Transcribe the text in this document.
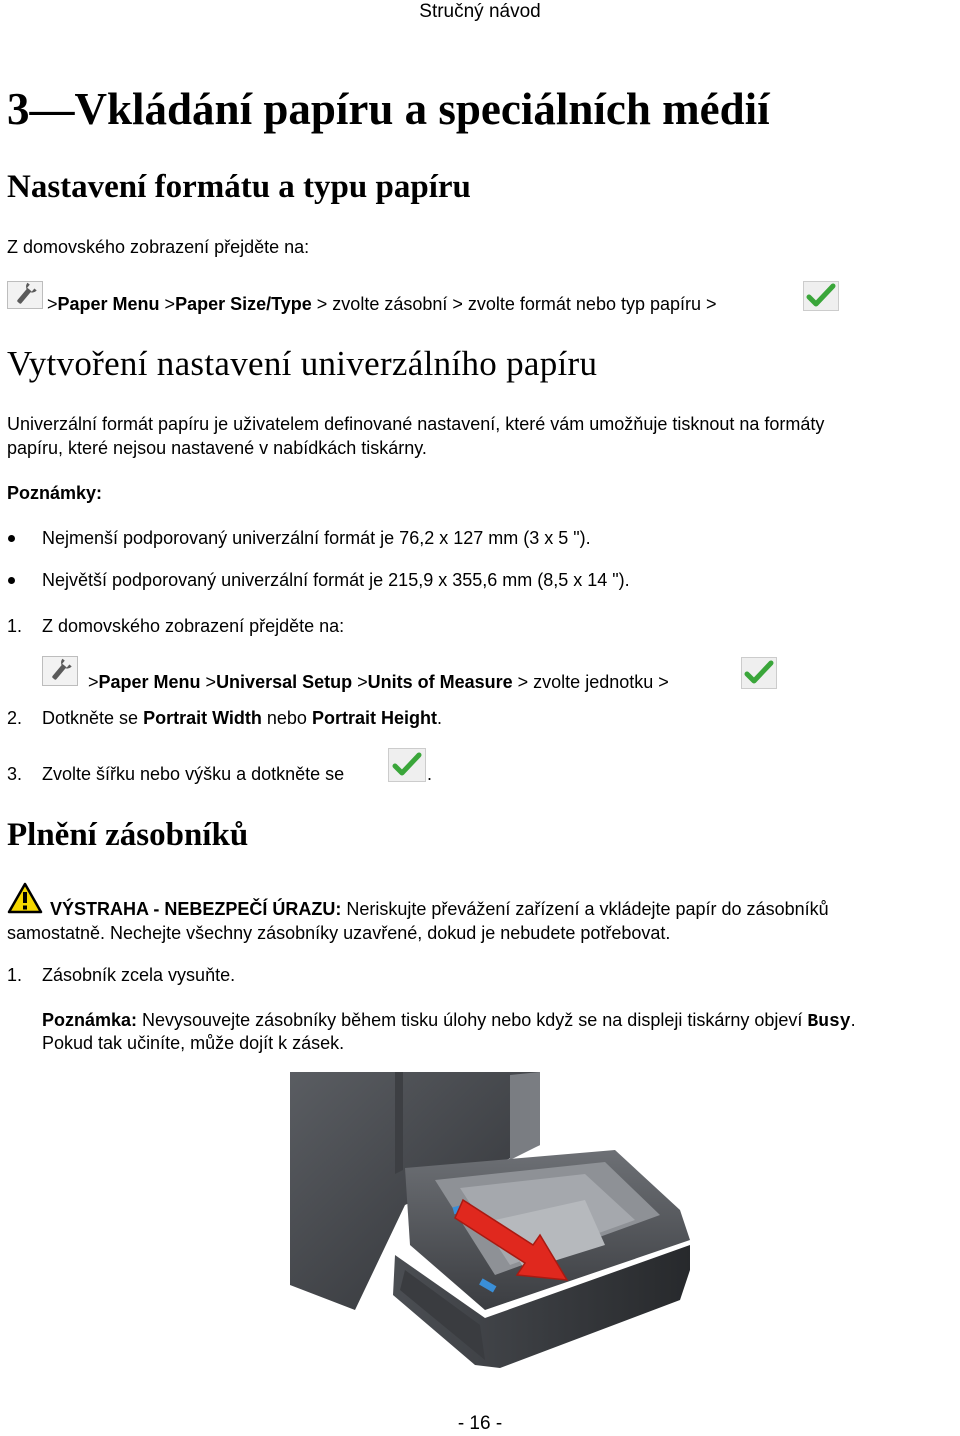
Stručný návod
3—Vkládání papíru a speciálních médií
Nastavení formátu a typu papíru
Z domovského zobrazení přejděte na:
>Paper Menu >Paper Size/Type > zvolte zásobní > zvolte formát nebo typ papíru >
Vytvoření nastavení univerzálního papíru
Univerzální formát papíru je uživatelem definované nastavení, které vám umožňuje tisknout na formáty
papíru, které nejsou nastavené v nabídkách tiskárny.
Poznámky:
Nejmenší podporovaný univerzální formát je 76,2 x 127 mm (3 x 5 ").
Největší podporovaný univerzální formát je 215,9 x 355,6 mm (8,5 x 14 ").
1. Z domovského zobrazení přejděte na:
>Paper Menu >Universal Setup >Units of Measure > zvolte jednotku >
2. Dotkněte se Portrait Width nebo Portrait Height.
3. Zvolte šířku nebo výšku a dotkněte se	.
Plnění zásobníků
VÝSTRAHA - NEBEZPEČÍ ÚRAZU: Neriskujte převážení zařízení a vkládejte papír do zásobníků
samostatně. Nechejte všechny zásobníky uzavřené, dokud je nebudete potřebovat.
1. Zásobník zcela vysuňte.
Poznámka: Nevysouvejte zásobníky během tisku úlohy nebo když se na displeji tiskárny objeví Busy.
Pokud tak učiníte, může dojít k zásek.
- 16 -
